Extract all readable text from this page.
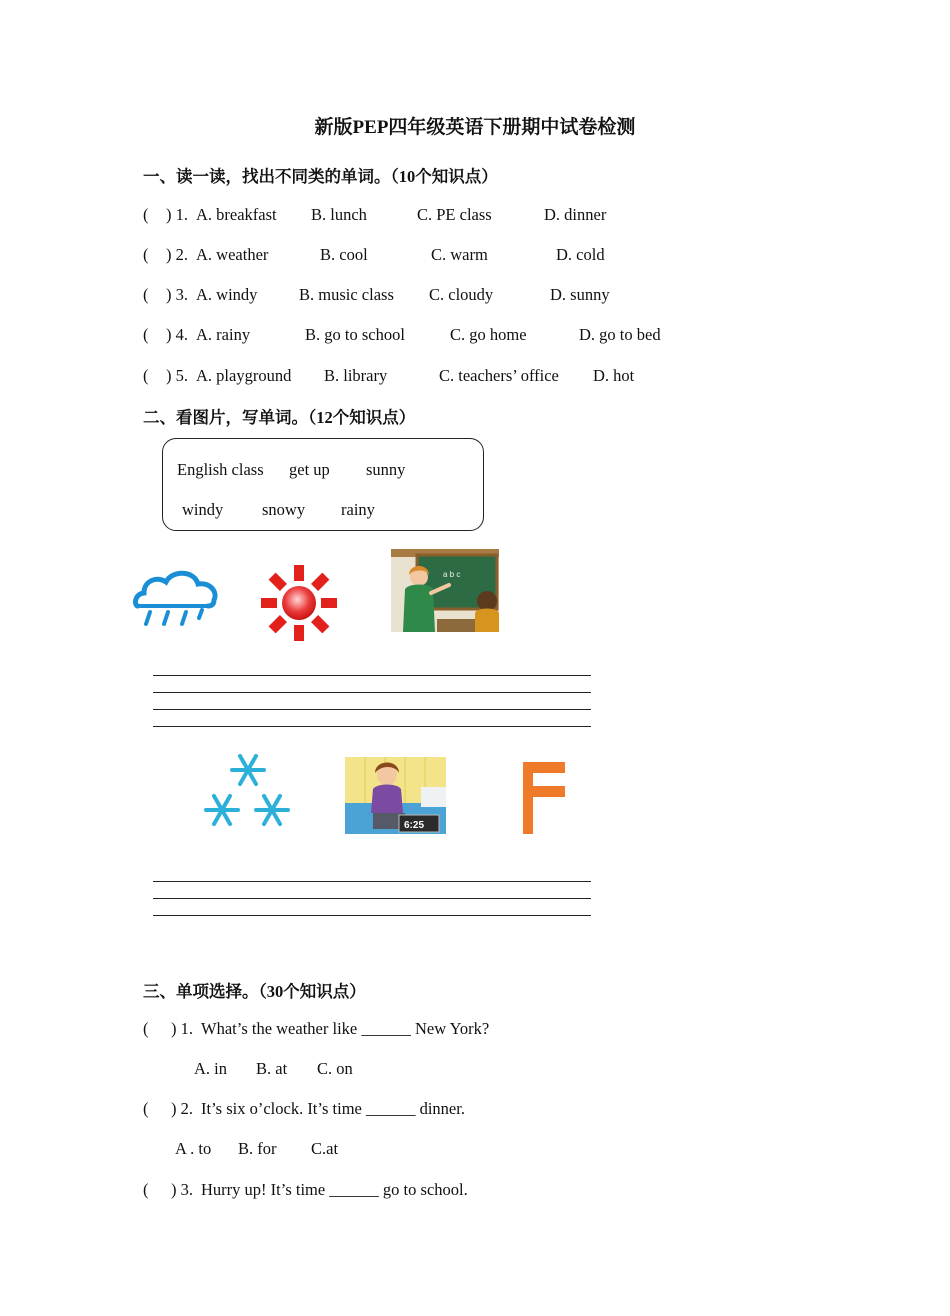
新版PEP四年级英语下册期中试卷检测
一、读一读，找出不同类的单词。（10个知识点）
( ) 1. A. breakfast B. lunch	C. PE class	D. dinner
( ) 2. A. weather	B. cool	C. warm	D. cold
( ) 3. A. windy	B. music class C. cloudy	D. sunny
( ) 4. A. rainy	B. go to school	C. go home	D. go to bed
( ) 5. A. playground B. library	C. teachers’ office D. hot
二、看图片，写单词。（12个知识点）
English class get up sunny
windy snowy rainy
a b c
6:25
三、单项选择。（30个知识点）
( ) 1. What’s the weather like ______ New York?
A. in B. at C. on
( ) 2. It’s six o’clock. It’s time ______ dinner.
A . to B. for C.at
( ) 3. Hurry up! It’s time ______ go to school.
